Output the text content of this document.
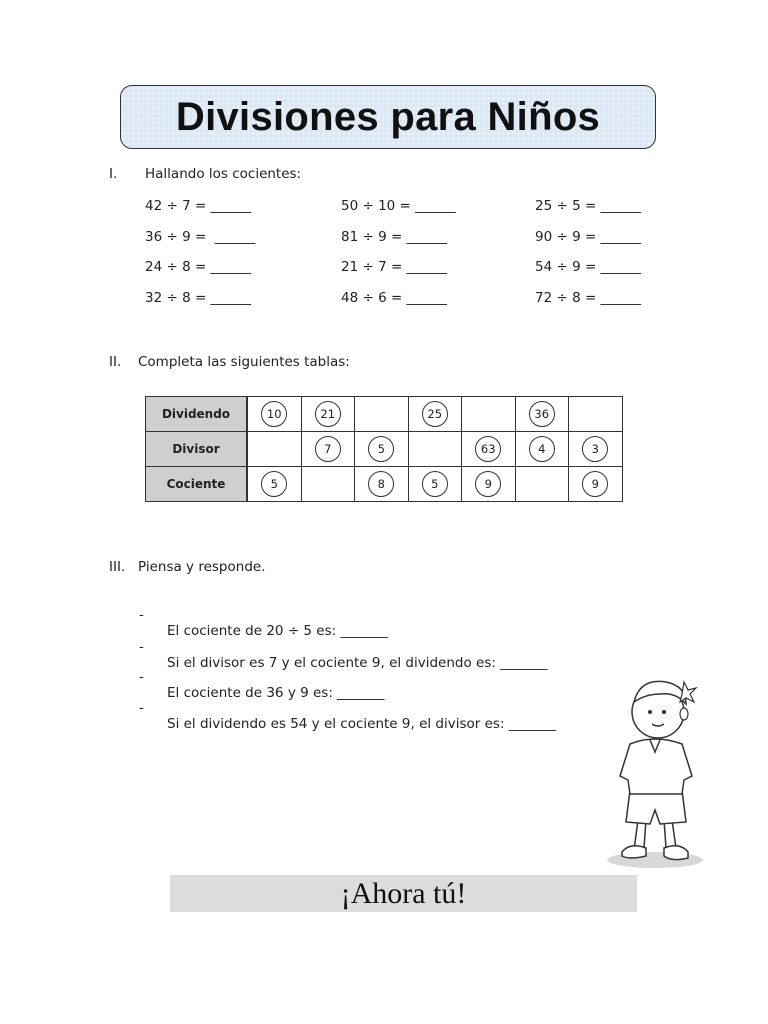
Divisiones para Niños
I. Hallando los cocientes:
42 ÷ 7 = ______	50 ÷ 10 = ______	25 ÷ 5 = ______
36 ÷ 9 =  ______	81 ÷ 9 = ______	90 ÷ 9 = ______
24 ÷ 8 = ______	21 ÷ 7 = ______	54 ÷ 9 = ______
32 ÷ 8 = ______	48 ÷ 6 = ______	72 ÷ 8 = ______
II. Completa las siguientes tablas:
Dividendo	10	21		25		36	
Divisor		7	5		63	4	3
Cociente	5		8	5	9		9
III. Piensa y responde.

-

El cociente de 20 ÷ 5 es: _______

-

Si el divisor es 7 y el cociente 9, el dividendo es: _______

-

El cociente de 36 y 9 es: _______

-

Si el dividendo es 54 y el cociente 9, el divisor es: _______

¡Ahora tú!
